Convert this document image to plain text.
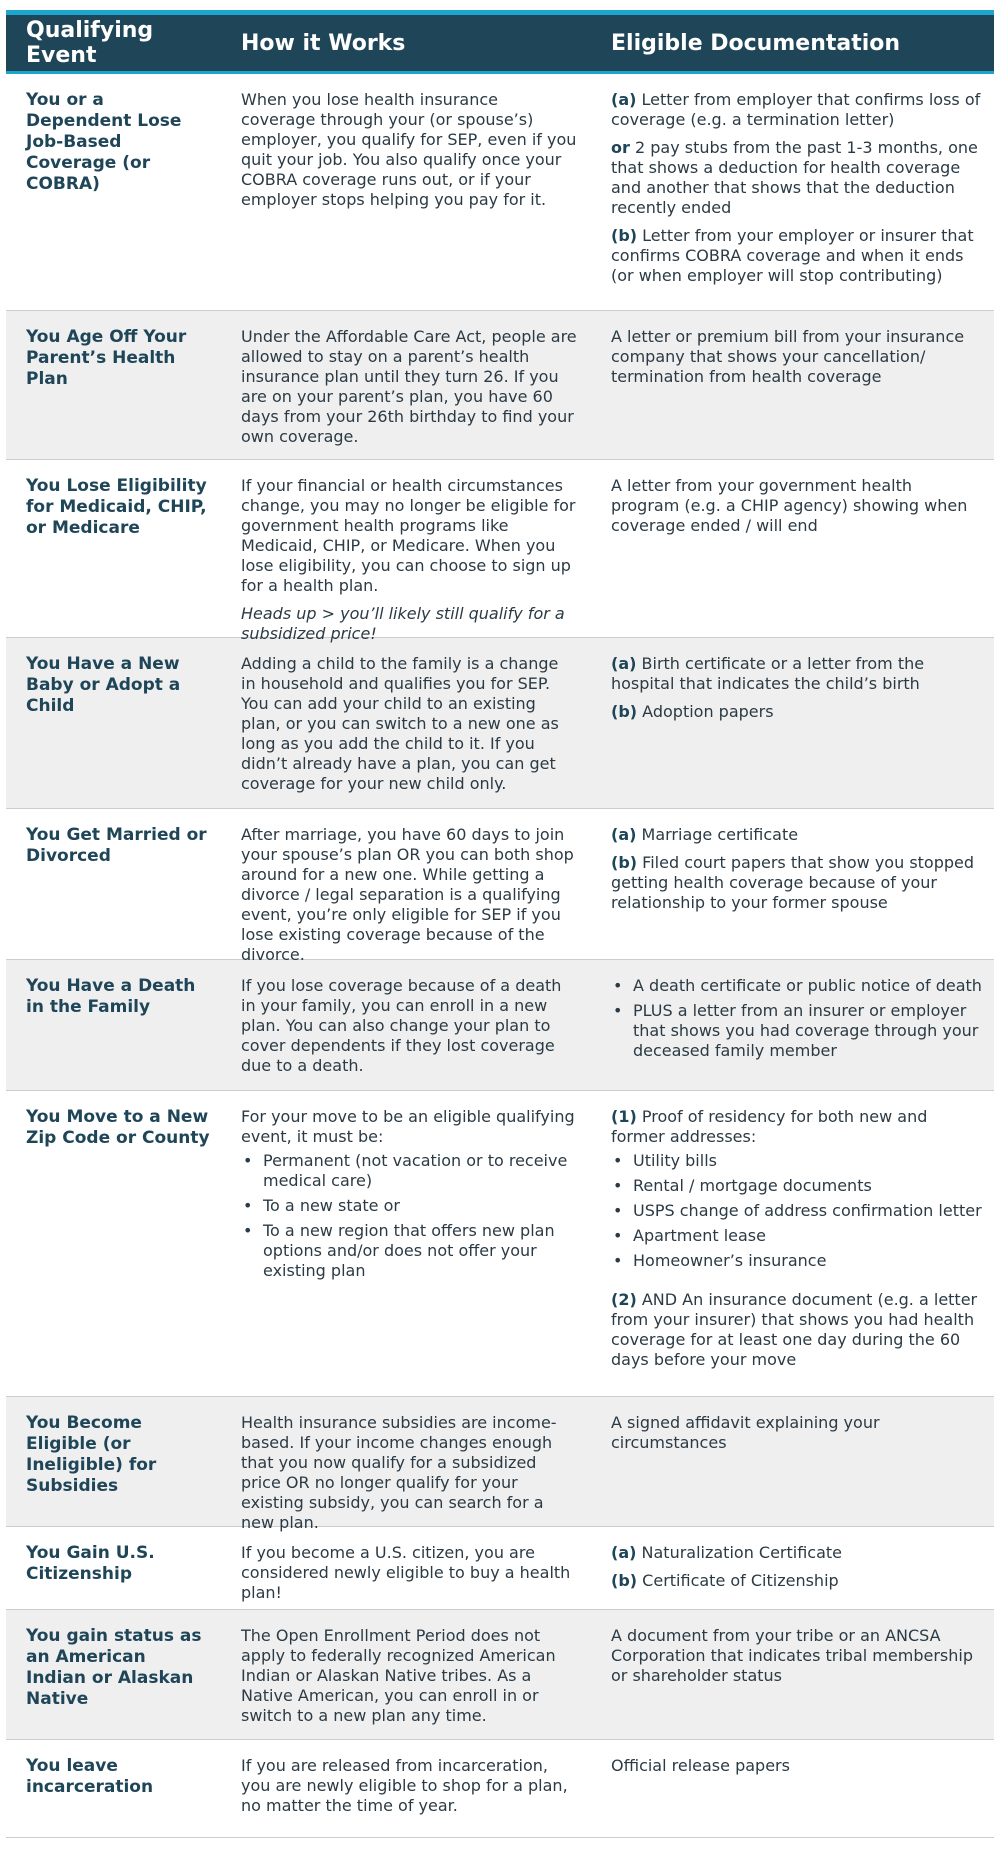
Qualifying Event	How it Works	Eligible Documentation
You or a Dependent Lose Job-Based Coverage (or COBRA)

When you lose health insurance coverage through your (or spouse’s) employer, you qualify for SEP, even if you quit your job. You also qualify once your COBRA coverage runs out, or if your employer stops helping you pay for it.

(a) Letter from employer that confirms loss of coverage (e.g. a termination letter)

or 2 pay stubs from the past 1-3 months, one that shows a deduction for health coverage and another that shows that the deduction recently ended

(b) Letter from your employer or insurer that confirms COBRA coverage and when it ends (or when employer will stop contributing)

You Age Off Your Parent’s Health Plan

Under the Affordable Care Act, people are allowed to stay on a parent’s health insurance plan until they turn 26. If you are on your parent’s plan, you have 60 days from your 26th birthday to find your own coverage.

A letter or premium bill from your insurance company that shows your cancellation/ termination from health coverage

You Lose Eligibility for Medicaid, CHIP, or Medicare

If your financial or health circumstances change, you may no longer be eligible for government health programs like Medicaid, CHIP, or Medicare. When you lose eligibility, you can choose to sign up for a health plan.

Heads up > you’ll likely still qualify for a subsidized price!

A letter from your government health program (e.g. a CHIP agency) showing when coverage ended / will end

You Have a New Baby or Adopt a Child

Adding a child to the family is a change in household and qualifies you for SEP. You can add your child to an existing plan, or you can switch to a new one as long as you add the child to it. If you didn’t already have a plan, you can get coverage for your new child only.

(a) Birth certificate or a letter from the hospital that indicates the child’s birth

(b) Adoption papers

You Get Married or Divorced

After marriage, you have 60 days to join your spouse’s plan OR you can both shop around for a new one. While getting a divorce / legal separation is a qualifying event, you’re only eligible for SEP if you lose existing coverage because of the divorce.

(a) Marriage certificate

(b) Filed court papers that show you stopped getting health coverage because of your relationship to your former spouse

You Have a Death in the Family

If you lose coverage because of a death in your family, you can enroll in a new plan. You can also change your plan to cover dependents if they lost coverage due to a death.

• A death certificate or public notice of death
• PLUS a letter from an insurer or employer that shows you had coverage through your deceased family member
You Move to a New Zip Code or County

For your move to be an eligible qualifying event, it must be:

• Permanent (not vacation or to receive medical care)
• To a new state or
• To a new region that offers new plan options and/or does not offer your existing plan

(1) Proof of residency for both new and former addresses:

• Utility bills
• Rental / mortgage documents
• USPS change of address confirmation letter
• Apartment lease
• Homeowner’s insurance

(2) AND An insurance document (e.g. a letter from your insurer) that shows you had health coverage for at least one day during the 60 days before your move

You Become Eligible (or Ineligible) for Subsidies

Health insurance subsidies are income-based. If your income changes enough that you now qualify for a subsidized price OR no longer qualify for your existing subsidy, you can search for a new plan.

A signed affidavit explaining your circumstances

You Gain U.S. Citizenship

If you become a U.S. citizen, you are considered newly eligible to buy a health plan!

(a) Naturalization Certificate

(b) Certificate of Citizenship

You gain status as an American Indian or Alaskan Native

The Open Enrollment Period does not apply to federally recognized American Indian or Alaskan Native tribes. As a Native American, you can enroll in or switch to a new plan any time.

A document from your tribe or an ANCSA Corporation that indicates tribal membership or shareholder status

You leave incarceration

If you are released from incarceration, you are newly eligible to shop for a plan, no matter the time of year.

Official release papers
